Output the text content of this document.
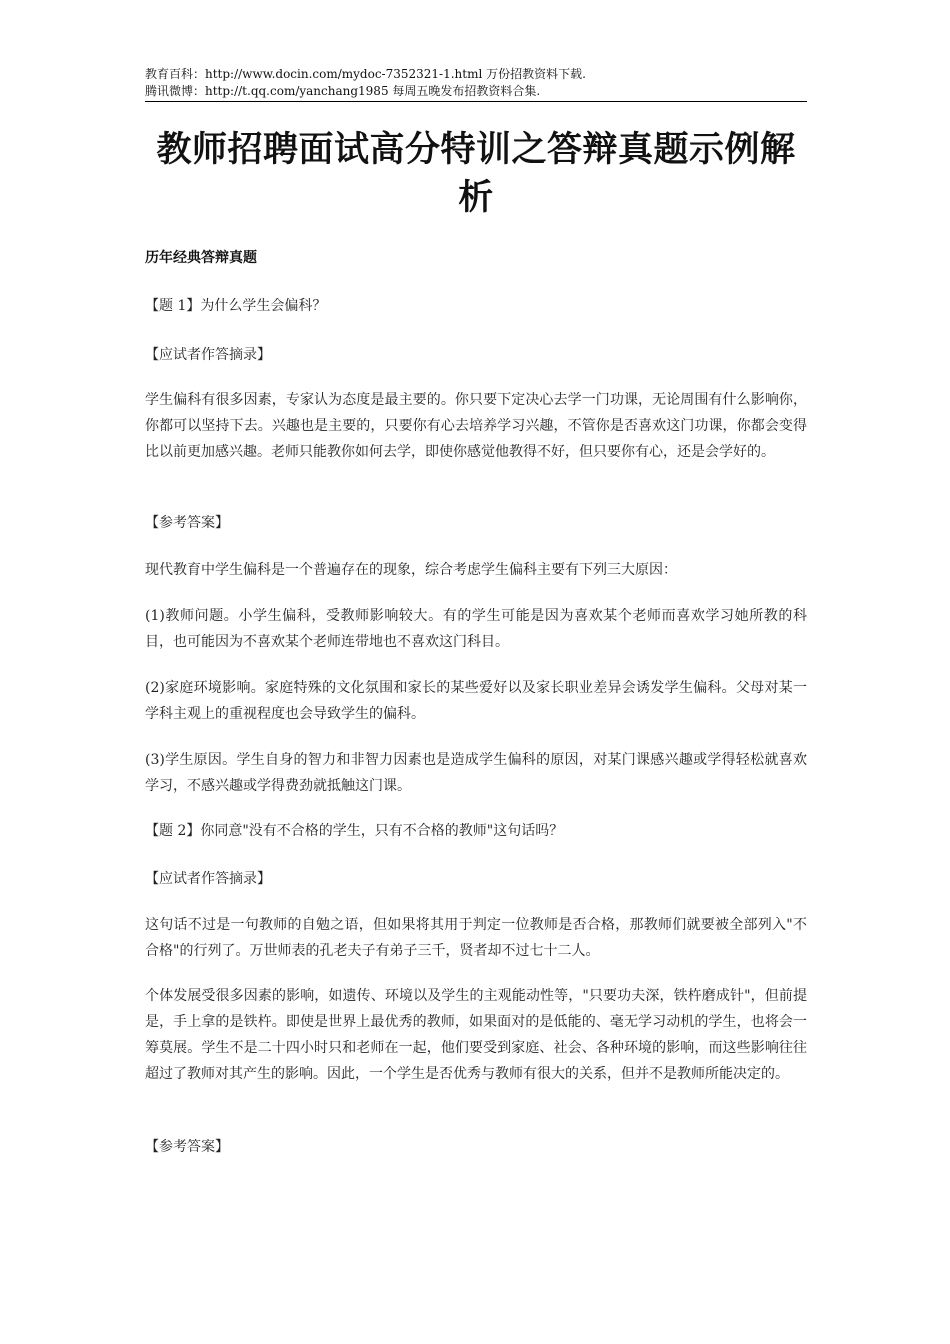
教育百科：http://www.docin.com/mydoc-7352321-1.html 万份招教资料下载.
腾讯微博：http://t.qq.com/yanchang1985 每周五晚发布招教资料合集.
教师招聘面试高分特训之答辩真题示例解析
历年经典答辩真题
【题 1】为什么学生会偏科？
【应试者作答摘录】
学生偏科有很多因素，专家认为态度是最主要的。你只要下定决心去学一门功课，无论周围有什么影响你，你都可以坚持下去。兴趣也是主要的，只要你有心去培养学习兴趣，不管你是否喜欢这门功课，你都会变得比以前更加感兴趣。老师只能教你如何去学，即使你感觉他教得不好，但只要你有心，还是会学好的。
【参考答案】
现代教育中学生偏科是一个普遍存在的现象，综合考虑学生偏科主要有下列三大原因：
(1)教师问题。小学生偏科，受教师影响较大。有的学生可能是因为喜欢某个老师而喜欢学习她所教的科目，也可能因为不喜欢某个老师连带地也不喜欢这门科目。
(2)家庭环境影响。家庭特殊的文化氛围和家长的某些爱好以及家长职业差异会诱发学生偏科。父母对某一学科主观上的重视程度也会导致学生的偏科。
(3)学生原因。学生自身的智力和非智力因素也是造成学生偏科的原因，对某门课感兴趣或学得轻松就喜欢学习，不感兴趣或学得费劲就抵触这门课。
【题 2】你同意"没有不合格的学生，只有不合格的教师"这句话吗？
【应试者作答摘录】
这句话不过是一句教师的自勉之语，但如果将其用于判定一位教师是否合格，那教师们就要被全部列入"不合格"的行列了。万世师表的孔老夫子有弟子三千，贤者却不过七十二人。
个体发展受很多因素的影响，如遗传、环境以及学生的主观能动性等，"只要功夫深，铁杵磨成针"，但前提是，手上拿的是铁杵。即使是世界上最优秀的教师，如果面对的是低能的、毫无学习动机的学生，也将会一筹莫展。学生不是二十四小时只和老师在一起，他们要受到家庭、社会、各种环境的影响，而这些影响往往超过了教师对其产生的影响。因此，一个学生是否优秀与教师有很大的关系，但并不是教师所能决定的。
【参考答案】
